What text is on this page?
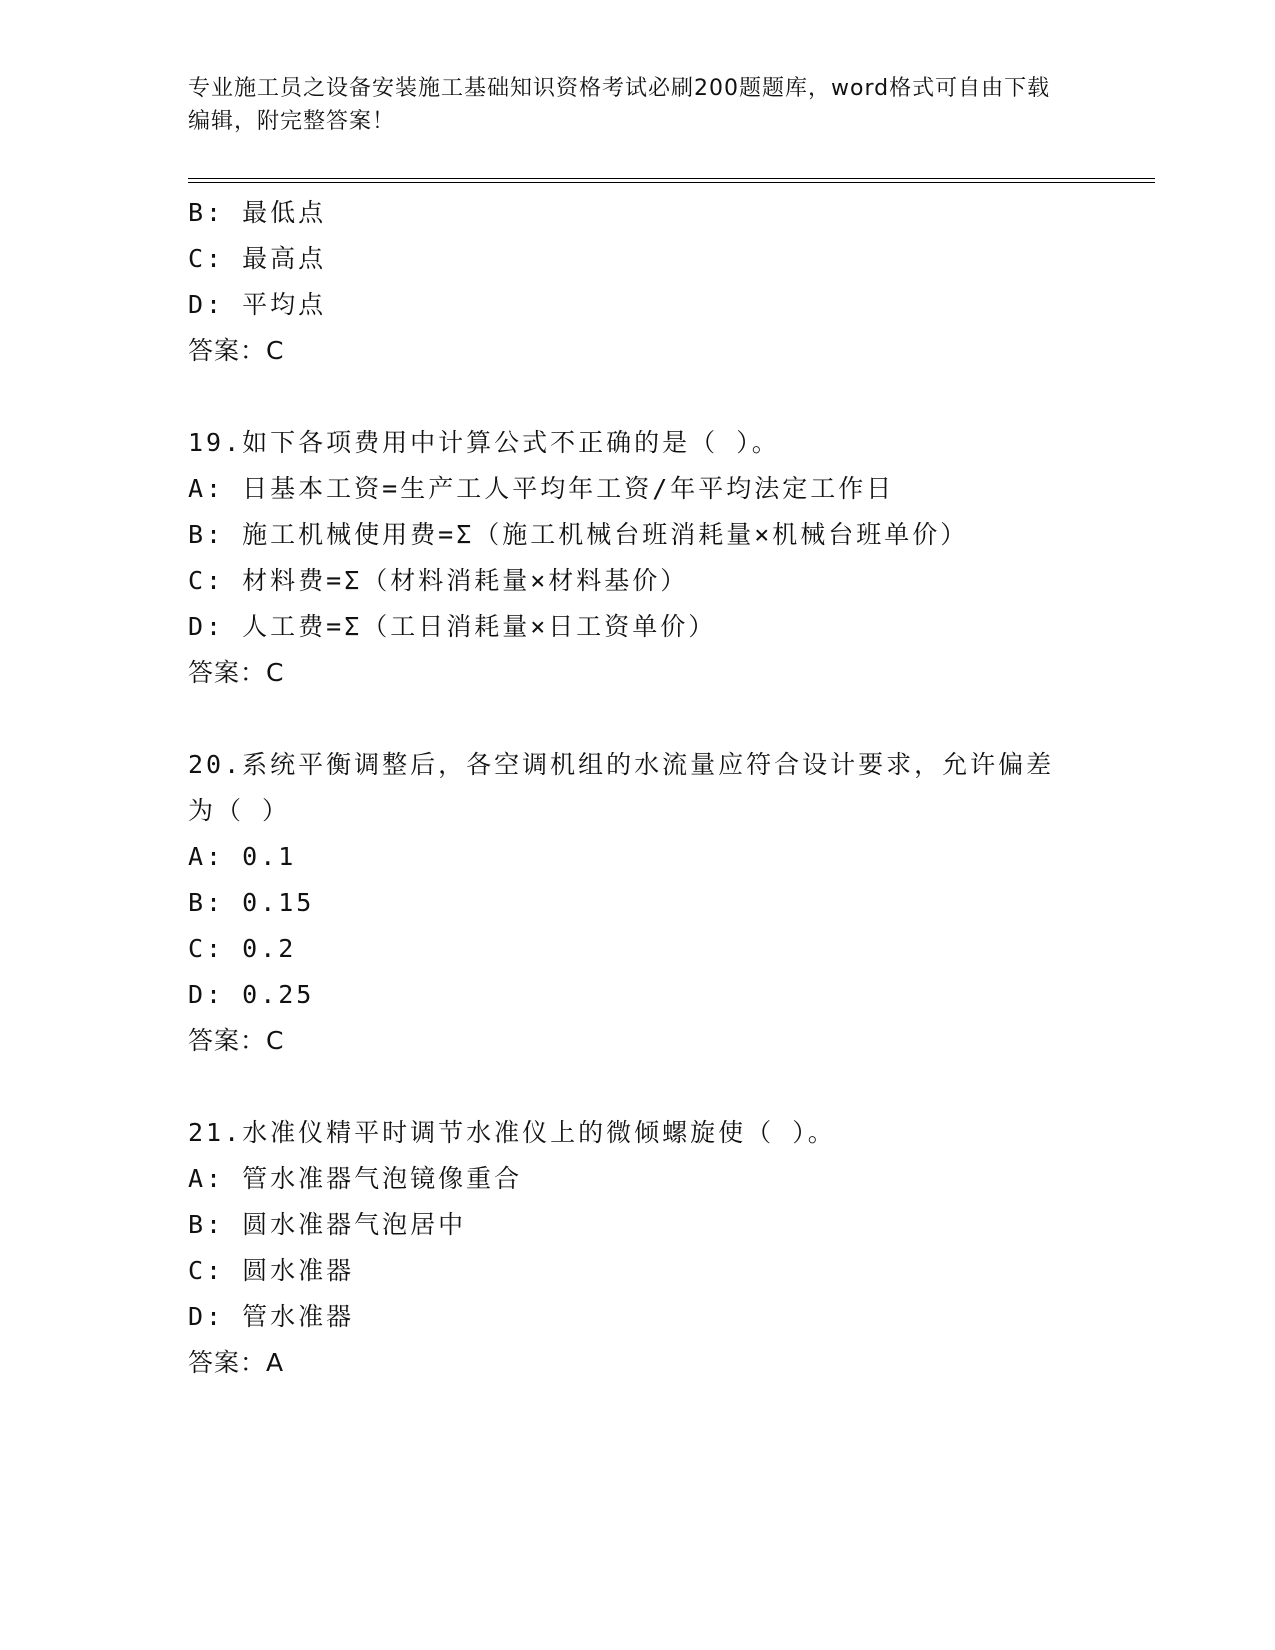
专业施工员之设备安装施工基础知识资格考试必刷200题题库，word格式可自由下载编辑，附完整答案！
B: 最低点
C: 最高点
D: 平均点
答案：C
19.如下各项费用中计算公式不正确的是（ ）。
A: 日基本工资=生产工人平均年工资/年平均法定工作日
B: 施工机械使用费=Σ（施工机械台班消耗量×机械台班单价）
C: 材料费=Σ（材料消耗量×材料基价）
D: 人工费=Σ（工日消耗量×日工资单价）
答案：C
20.系统平衡调整后，各空调机组的水流量应符合设计要求，允许偏差为（ ）
A: 0.1
B: 0.15
C: 0.2
D: 0.25
答案：C
21.水准仪精平时调节水准仪上的微倾螺旋使（ ）。
A: 管水准器气泡镜像重合
B: 圆水准器气泡居中
C: 圆水准器
D: 管水准器
答案：A
